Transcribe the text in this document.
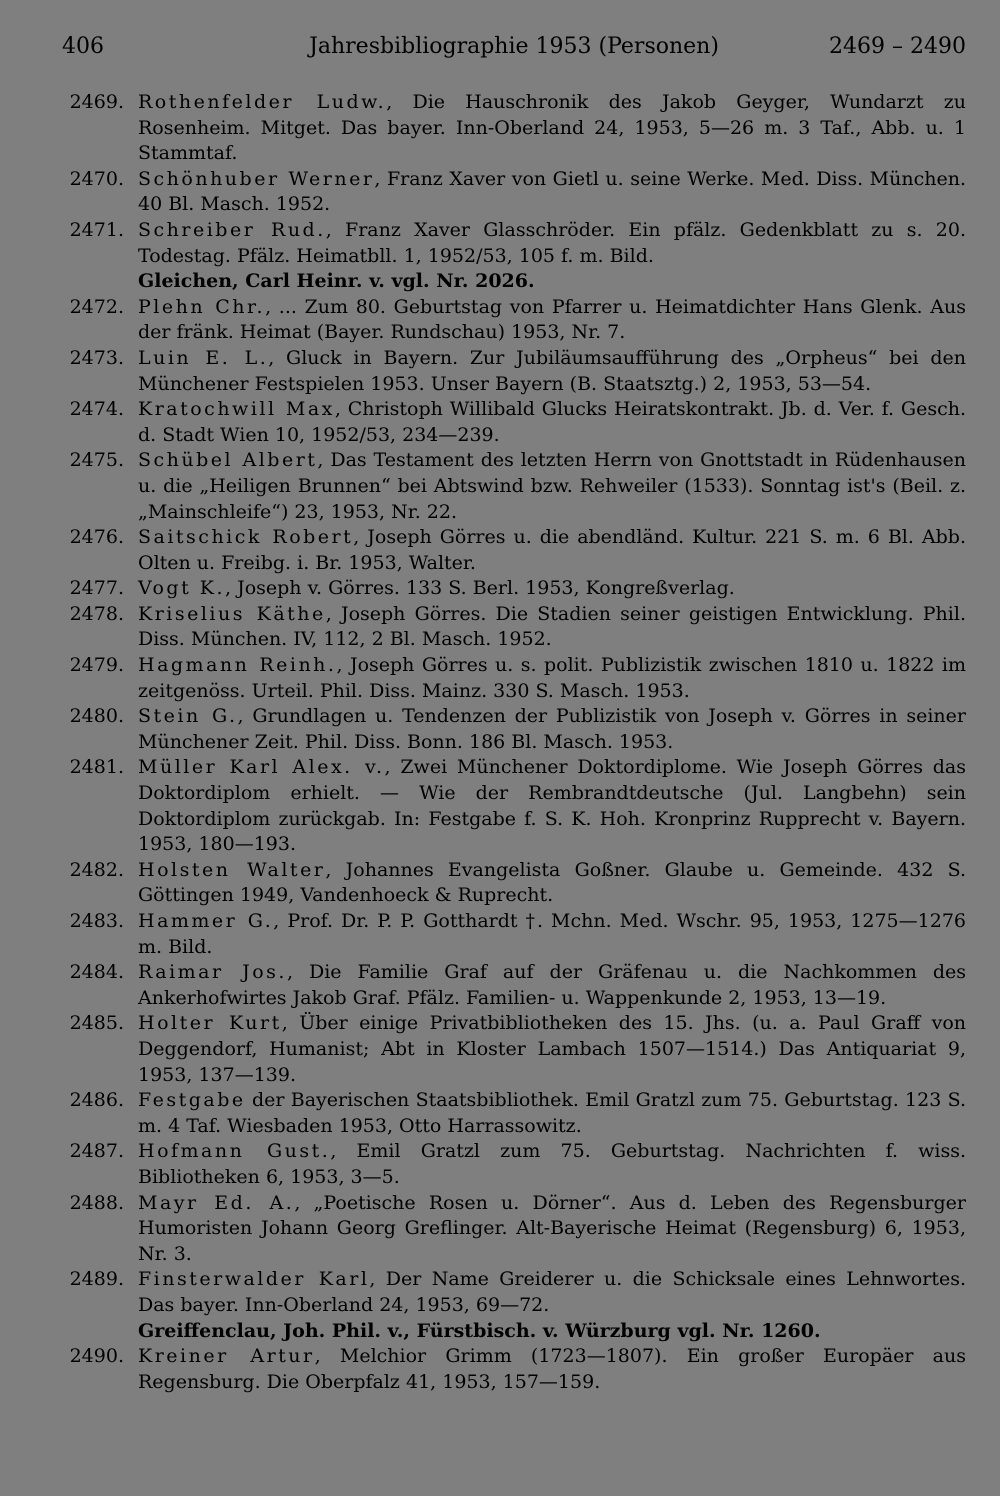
406	Jahresbibliographie 1953 (Personen)	2469 – 2490
2469. Rothenfelder Ludw., Die Hauschronik des Jakob Geyger, Wundarzt zu Rosenheim. Mitget. Das bayer. Inn-Oberland 24, 1953, 5—26 m. 3 Taf., Abb. u. 1 Stammtaf.
2470. Schönhuber Werner, Franz Xaver von Gietl u. seine Werke. Med. Diss. München. 40 Bl. Masch. 1952.
2471. Schreiber Rud., Franz Xaver Glasschröder. Ein pfälz. Gedenkblatt zu s. 20. Todestag. Pfälz. Heimatbll. 1, 1952/53, 105 f. m. Bild.
Gleichen, Carl Heinr. v. vgl. Nr. 2026.
2472. Plehn Chr., ... Zum 80. Geburtstag von Pfarrer u. Heimatdichter Hans Glenk. Aus der fränk. Heimat (Bayer. Rundschau) 1953, Nr. 7.
2473. Luin E. L., Gluck in Bayern. Zur Jubiläumsaufführung des „Orpheus“ bei den Münchener Festspielen 1953. Unser Bayern (B. Staatsztg.) 2, 1953, 53—54.
2474. Kratochwill Max, Christoph Willibald Glucks Heiratskontrakt. Jb. d. Ver. f. Gesch. d. Stadt Wien 10, 1952/53, 234—239.
2475. Schübel Albert, Das Testament des letzten Herrn von Gnottstadt in Rüdenhausen u. die „Heiligen Brunnen“ bei Abtswind bzw. Rehweiler (1533). Sonntag ist's (Beil. z. „Mainschleife“) 23, 1953, Nr. 22.
2476. Saitschick Robert, Joseph Görres u. die abendländ. Kultur. 221 S. m. 6 Bl. Abb. Olten u. Freibg. i. Br. 1953, Walter.
2477. Vogt K., Joseph v. Görres. 133 S. Berl. 1953, Kongreßverlag.
2478. Kriselius Käthe, Joseph Görres. Die Stadien seiner geistigen Entwicklung. Phil. Diss. München. IV, 112, 2 Bl. Masch. 1952.
2479. Hagmann Reinh., Joseph Görres u. s. polit. Publizistik zwischen 1810 u. 1822 im zeitgenöss. Urteil. Phil. Diss. Mainz. 330 S. Masch. 1953.
2480. Stein G., Grundlagen u. Tendenzen der Publizistik von Joseph v. Görres in seiner Münchener Zeit. Phil. Diss. Bonn. 186 Bl. Masch. 1953.
2481. Müller Karl Alex. v., Zwei Münchener Doktordiplome. Wie Joseph Görres das Doktordiplom erhielt. — Wie der Rembrandtdeutsche (Jul. Langbehn) sein Doktordiplom zurückgab. In: Festgabe f. S. K. Hoh. Kronprinz Rupprecht v. Bayern. 1953, 180—193.
2482. Holsten Walter, Johannes Evangelista Goßner. Glaube u. Gemeinde. 432 S. Göttingen 1949, Vandenhoeck & Ruprecht.
2483. Hammer G., Prof. Dr. P. P. Gotthardt †. Mchn. Med. Wschr. 95, 1953, 1275—1276 m. Bild.
2484. Raimar Jos., Die Familie Graf auf der Gräfenau u. die Nachkommen des Ankerhofwirtes Jakob Graf. Pfälz. Familien- u. Wappenkunde 2, 1953, 13—19.
2485. Holter Kurt, Über einige Privatbibliotheken des 15. Jhs. (u. a. Paul Graff von Deggendorf, Humanist; Abt in Kloster Lambach 1507—1514.) Das Antiquariat 9, 1953, 137—139.
2486. Festgabe der Bayerischen Staatsbibliothek. Emil Gratzl zum 75. Geburtstag. 123 S. m. 4 Taf. Wiesbaden 1953, Otto Harrassowitz.
2487. Hofmann Gust., Emil Gratzl zum 75. Geburtstag. Nachrichten f. wiss. Bibliotheken 6, 1953, 3—5.
2488. Mayr Ed. A., „Poetische Rosen u. Dörner“. Aus d. Leben des Regensburger Humoristen Johann Georg Greflinger. Alt-Bayerische Heimat (Regensburg) 6, 1953, Nr. 3.
2489. Finsterwalder Karl, Der Name Greiderer u. die Schicksale eines Lehnwortes. Das bayer. Inn-Oberland 24, 1953, 69—72.
Greiffenclau, Joh. Phil. v., Fürstbisch. v. Würzburg vgl. Nr. 1260.
2490. Kreiner Artur, Melchior Grimm (1723—1807). Ein großer Europäer aus Regensburg. Die Oberpfalz 41, 1953, 157—159.
